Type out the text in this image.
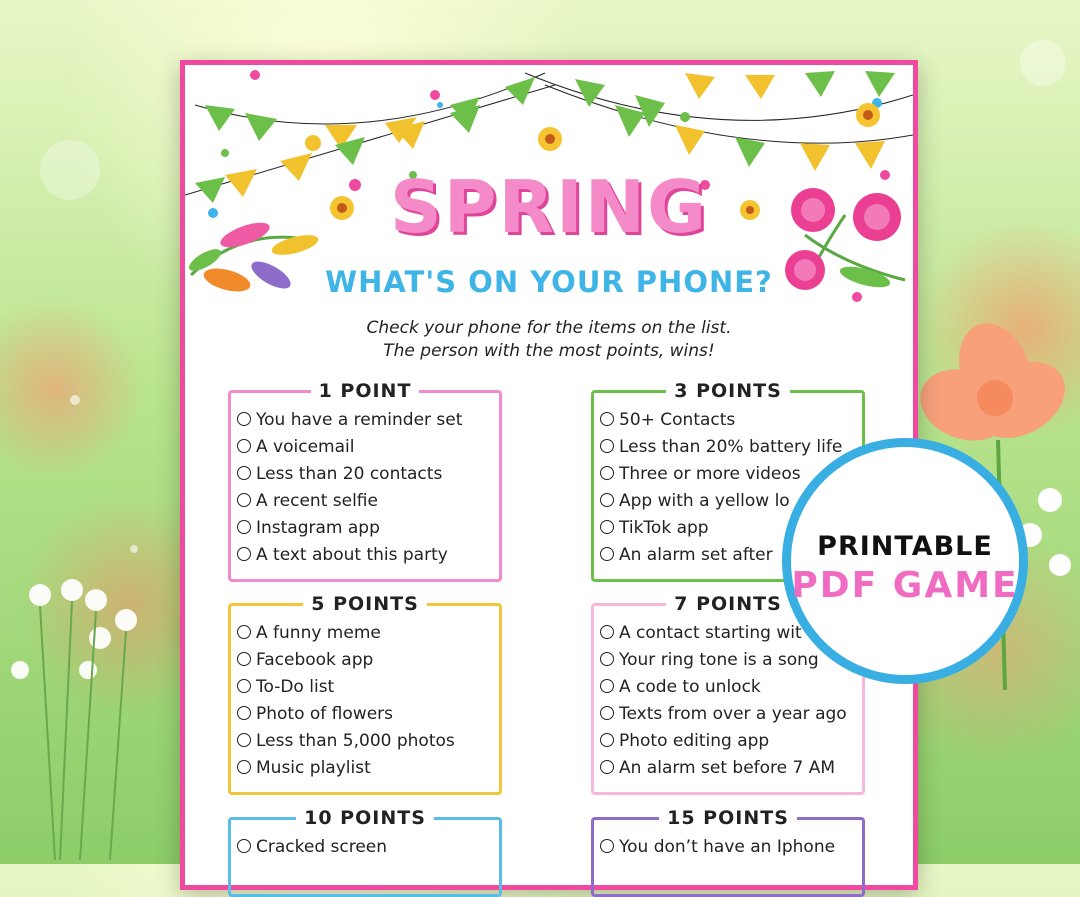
SPRING
WHAT'S ON YOUR PHONE?
Check your phone for the items on the list.
The person with the most points, wins!
1 POINT
You have a reminder set
A voicemail
Less than 20 contacts
A recent selfie
Instagram app
A text about this party
3 POINTS
50+ Contacts
Less than 20% battery life
Three or more videos
App with a yellow lo
TikTok app
An alarm set after
5 POINTS
A funny meme
Facebook app
To-Do list
Photo of flowers
Less than 5,000 photos
Music playlist
7 POINTS
A contact starting wit
Your ring tone is a song
A code to unlock
Texts from over a year ago
Photo editing app
An alarm set before 7 AM
10 POINTS
Cracked screen
15 POINTS
You don’t have an Iphone
PRINTABLE
PDF GAME
